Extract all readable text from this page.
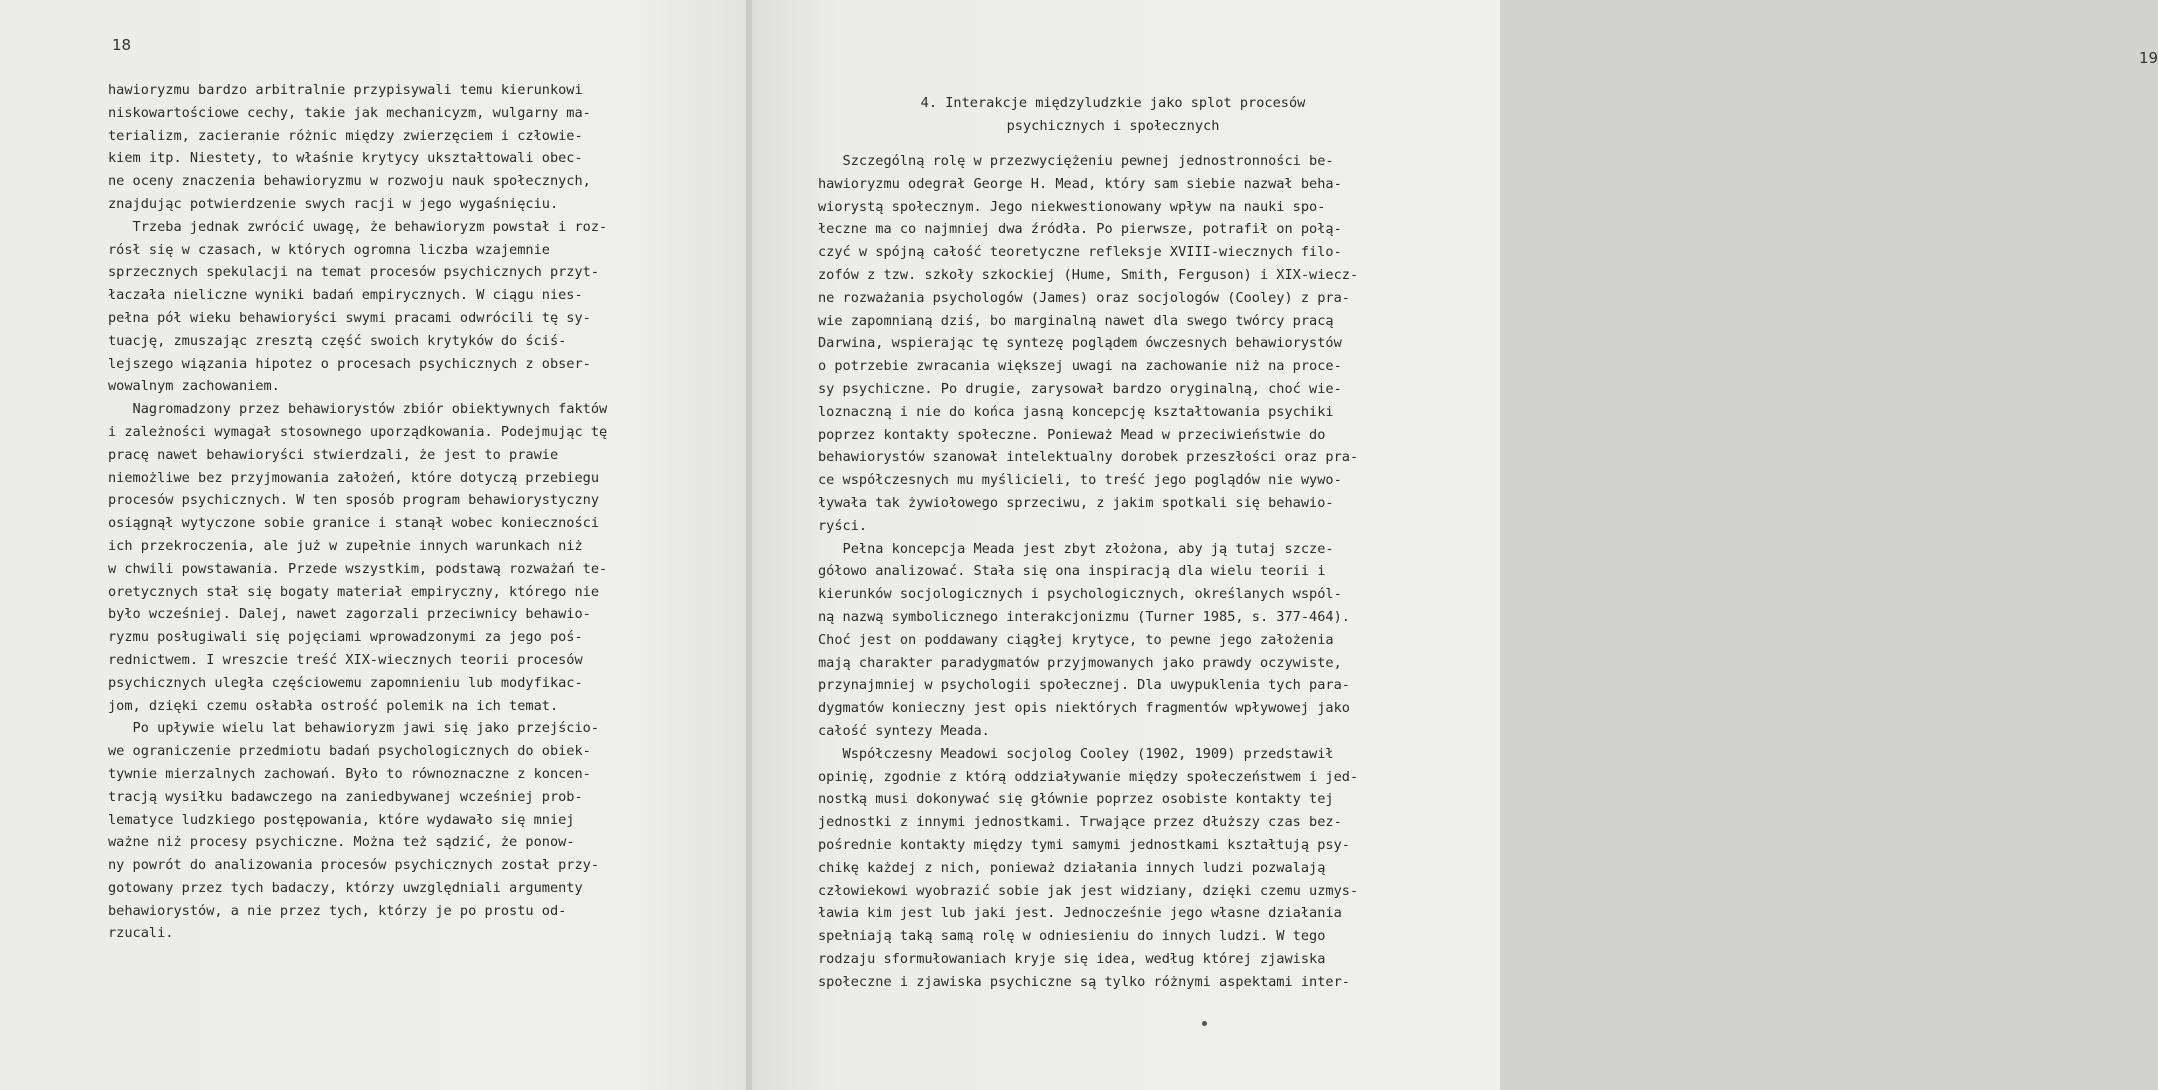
18
hawioryzmu bardzo arbitralnie przypisywali temu kierunkowi
niskowartościowe cechy, takie jak mechanicyzm, wulgarny ma-
terializm, zacieranie różnic między zwierzęciem i człowie-
kiem itp. Niestety, to właśnie krytycy ukształtowali obec-
ne oceny znaczenia behawioryzmu w rozwoju nauk społecznych,
znajdując potwierdzenie swych racji w jego wygaśnięciu.
Trzeba jednak zwrócić uwagę, że behawioryzm powstał i roz-
rósł się w czasach, w których ogromna liczba wzajemnie
sprzecznych spekulacji na temat procesów psychicznych przyt-
łaczała nieliczne wyniki badań empirycznych. W ciągu nies-
pełna pół wieku behawioryści swymi pracami odwrócili tę sy-
tuację, zmuszając zresztą część swoich krytyków do ściś-
lejszego wiązania hipotez o procesach psychicznych z obser-
wowalnym zachowaniem.
Nagromadzony przez behawiorystów zbiór obiektywnych faktów
i zależności wymagał stosownego uporządkowania. Podejmując tę
pracę nawet behawioryści stwierdzali, że jest to prawie
niemożliwe bez przyjmowania założeń, które dotyczą przebiegu
procesów psychicznych. W ten sposób program behawiorystyczny
osiągnął wytyczone sobie granice i stanął wobec konieczności
ich przekroczenia, ale już w zupełnie innych warunkach niż
w chwili powstawania. Przede wszystkim, podstawą rozważań te-
oretycznych stał się bogaty materiał empiryczny, którego nie
było wcześniej. Dalej, nawet zagorzali przeciwnicy behawio-
ryzmu posługiwali się pojęciami wprowadzonymi za jego poś-
rednictwem. I wreszcie treść XIX-wiecznych teorii procesów
psychicznych uległa częściowemu zapomnieniu lub modyfikac-
jom, dzięki czemu osłabła ostrość polemik na ich temat.
Po upływie wielu lat behawioryzm jawi się jako przejścio-
we ograniczenie przedmiotu badań psychologicznych do obiek-
tywnie mierzalnych zachowań. Było to równoznaczne z koncen-
tracją wysiłku badawczego na zaniedbywanej wcześniej prob-
lematyce ludzkiego postępowania, które wydawało się mniej
ważne niż procesy psychiczne. Można też sądzić, że ponow-
ny powrót do analizowania procesów psychicznych został przy-
gotowany przez tych badaczy, którzy uwzględniali argumenty
behawiorystów, a nie przez tych, którzy je po prostu od-
rzucali.
19
4. Interakcje międzyludzkie jako splot procesów
psychicznych i społecznych
Szczególną rolę w przezwyciężeniu pewnej jednostronności be-
hawioryzmu odegrał George H. Mead, który sam siebie nazwał beha-
wiorystą społecznym. Jego niekwestionowany wpływ na nauki spo-
łeczne ma co najmniej dwa źródła. Po pierwsze, potrafił on połą-
czyć w spójną całość teoretyczne refleksje XVIII-wiecznych filo-
zofów z tzw. szkoły szkockiej (Hume, Smith, Ferguson) i XIX-wiecz-
ne rozważania psychologów (James) oraz socjologów (Cooley) z pra-
wie zapomnianą dziś, bo marginalną nawet dla swego twórcy pracą
Darwina, wspierając tę syntezę poglądem ówczesnych behawiorystów
o potrzebie zwracania większej uwagi na zachowanie niż na proce-
sy psychiczne. Po drugie, zarysował bardzo oryginalną, choć wie-
loznaczną i nie do końca jasną koncepcję kształtowania psychiki
poprzez kontakty społeczne. Ponieważ Mead w przeciwieństwie do
behawiorystów szanował intelektualny dorobek przeszłości oraz pra-
ce współczesnych mu myślicieli, to treść jego poglądów nie wywo-
ływała tak żywiołowego sprzeciwu, z jakim spotkali się behawio-
ryści.
Pełna koncepcja Meada jest zbyt złożona, aby ją tutaj szcze-
gółowo analizować. Stała się ona inspiracją dla wielu teorii i
kierunków socjologicznych i psychologicznych, określanych wspól-
ną nazwą symbolicznego interakcjonizmu (Turner 1985, s. 377-464).
Choć jest on poddawany ciągłej krytyce, to pewne jego założenia
mają charakter paradygmatów przyjmowanych jako prawdy oczywiste,
przynajmniej w psychologii społecznej. Dla uwypuklenia tych para-
dygmatów konieczny jest opis niektórych fragmentów wpływowej jako
całość syntezy Meada.
Współczesny Meadowi socjolog Cooley (1902, 1909) przedstawił
opinię, zgodnie z którą oddziaływanie między społeczeństwem i jed-
nostką musi dokonywać się głównie poprzez osobiste kontakty tej
jednostki z innymi jednostkami. Trwające przez dłuższy czas bez-
pośrednie kontakty między tymi samymi jednostkami kształtują psy-
chikę każdej z nich, ponieważ działania innych ludzi pozwalają
człowiekowi wyobrazić sobie jak jest widziany, dzięki czemu uzmys-
ławia kim jest lub jaki jest. Jednocześnie jego własne działania
spełniają taką samą rolę w odniesieniu do innych ludzi. W tego
rodzaju sformułowaniach kryje się idea, według której zjawiska
społeczne i zjawiska psychiczne są tylko różnymi aspektami inter-
